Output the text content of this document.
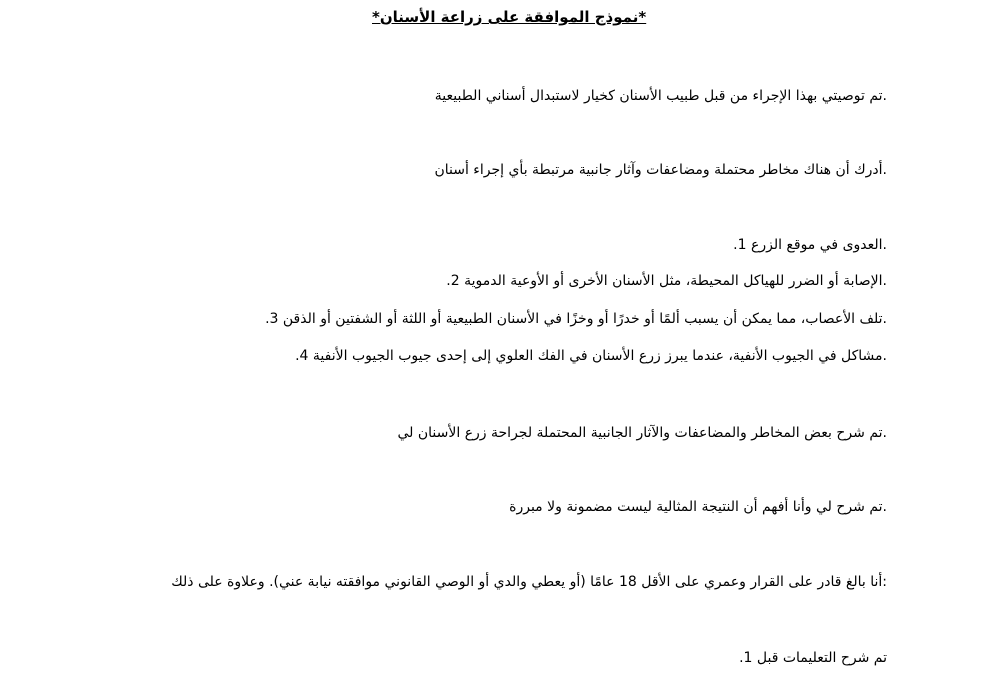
*نموذج الموافقة على زراعة الأسنان*
.تم توصيتي بهذا الإجراء من قبل طبيب الأسنان كخيار لاستبدال أسناني الطبيعية
.أدرك أن هناك مخاطر محتملة ومضاعفات وآثار جانبية مرتبطة بأي إجراء أسنان
.العدوى في موقع الزرع 1.
.الإصابة أو الضرر للهياكل المحيطة، مثل الأسنان الأخرى أو الأوعية الدموية 2.
.تلف الأعصاب، مما يمكن أن يسبب ألمًا أو خدرًا أو وخزًا في الأسنان الطبيعية أو اللثة أو الشفتين أو الذقن 3.
.مشاكل في الجيوب الأنفية، عندما يبرز زرع الأسنان في الفك العلوي إلى إحدى جيوب الجيوب الأنفية 4.
.تم شرح بعض المخاطر والمضاعفات والآثار الجانبية المحتملة لجراحة زرع الأسنان لي
.تم شرح لي وأنا أفهم أن النتيجة المثالية ليست مضمونة ولا مبررة
:أنا بالغ قادر على القرار وعمري على الأقل 18 عامًا (أو يعطي والدي أو الوصي القانوني موافقته نيابة عني). وعلاوة على ذلك
تم شرح التعليمات قبل 1.
